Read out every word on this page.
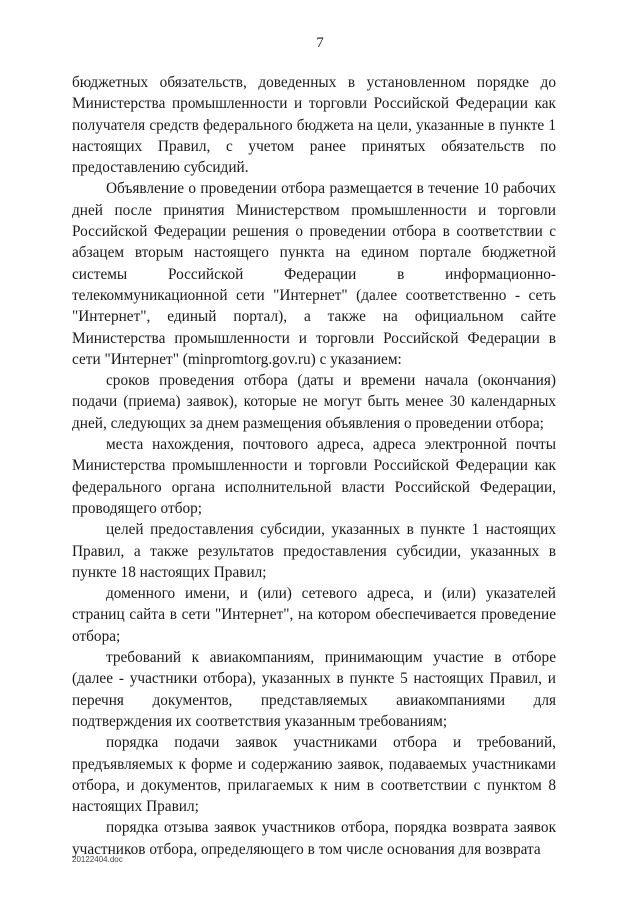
7

бюджетных обязательств, доведенных в установленном порядке до Министерства промышленности и торговли Российской Федерации как получателя средств федерального бюджета на цели, указанные в пункте 1 настоящих Правил, с учетом ранее принятых обязательств по предоставлению субсидий.

Объявление о проведении отбора размещается в течение 10 рабочих дней после принятия Министерством промышленности и торговли Российской Федерации решения о проведении отбора в соответствии с абзацем вторым настоящего пункта на едином портале бюджетной системы Российской Федерации в информационно-телекоммуникационной сети "Интернет" (далее соответственно - сеть "Интернет", единый портал), а также на официальном сайте Министерства промышленности и торговли Российской Федерации в сети "Интернет" (minpromtorg.gov.ru) с указанием:

сроков проведения отбора (даты и времени начала (окончания) подачи (приема) заявок), которые не могут быть менее 30 календарных дней, следующих за днем размещения объявления о проведении отбора;

места нахождения, почтового адреса, адреса электронной почты Министерства промышленности и торговли Российской Федерации как федерального органа исполнительной власти Российской Федерации, проводящего отбор;

целей предоставления субсидии, указанных в пункте 1 настоящих Правил, а также результатов предоставления субсидии, указанных в пункте 18 настоящих Правил;

доменного имени, и (или) сетевого адреса, и (или) указателей страниц сайта в сети "Интернет", на котором обеспечивается проведение отбора;

требований к авиакомпаниям, принимающим участие в отборе (далее - участники отбора), указанных в пункте 5 настоящих Правил, и перечня документов, представляемых авиакомпаниями для подтверждения их соответствия указанным требованиям;

порядка подачи заявок участниками отбора и требований, предъявляемых к форме и содержанию заявок, подаваемых участниками отбора, и документов, прилагаемых к ним в соответствии с пунктом 8 настоящих Правил;

порядка отзыва заявок участников отбора, порядка возврата заявок участников отбора, определяющего в том числе основания для возврата

20122404.doc
